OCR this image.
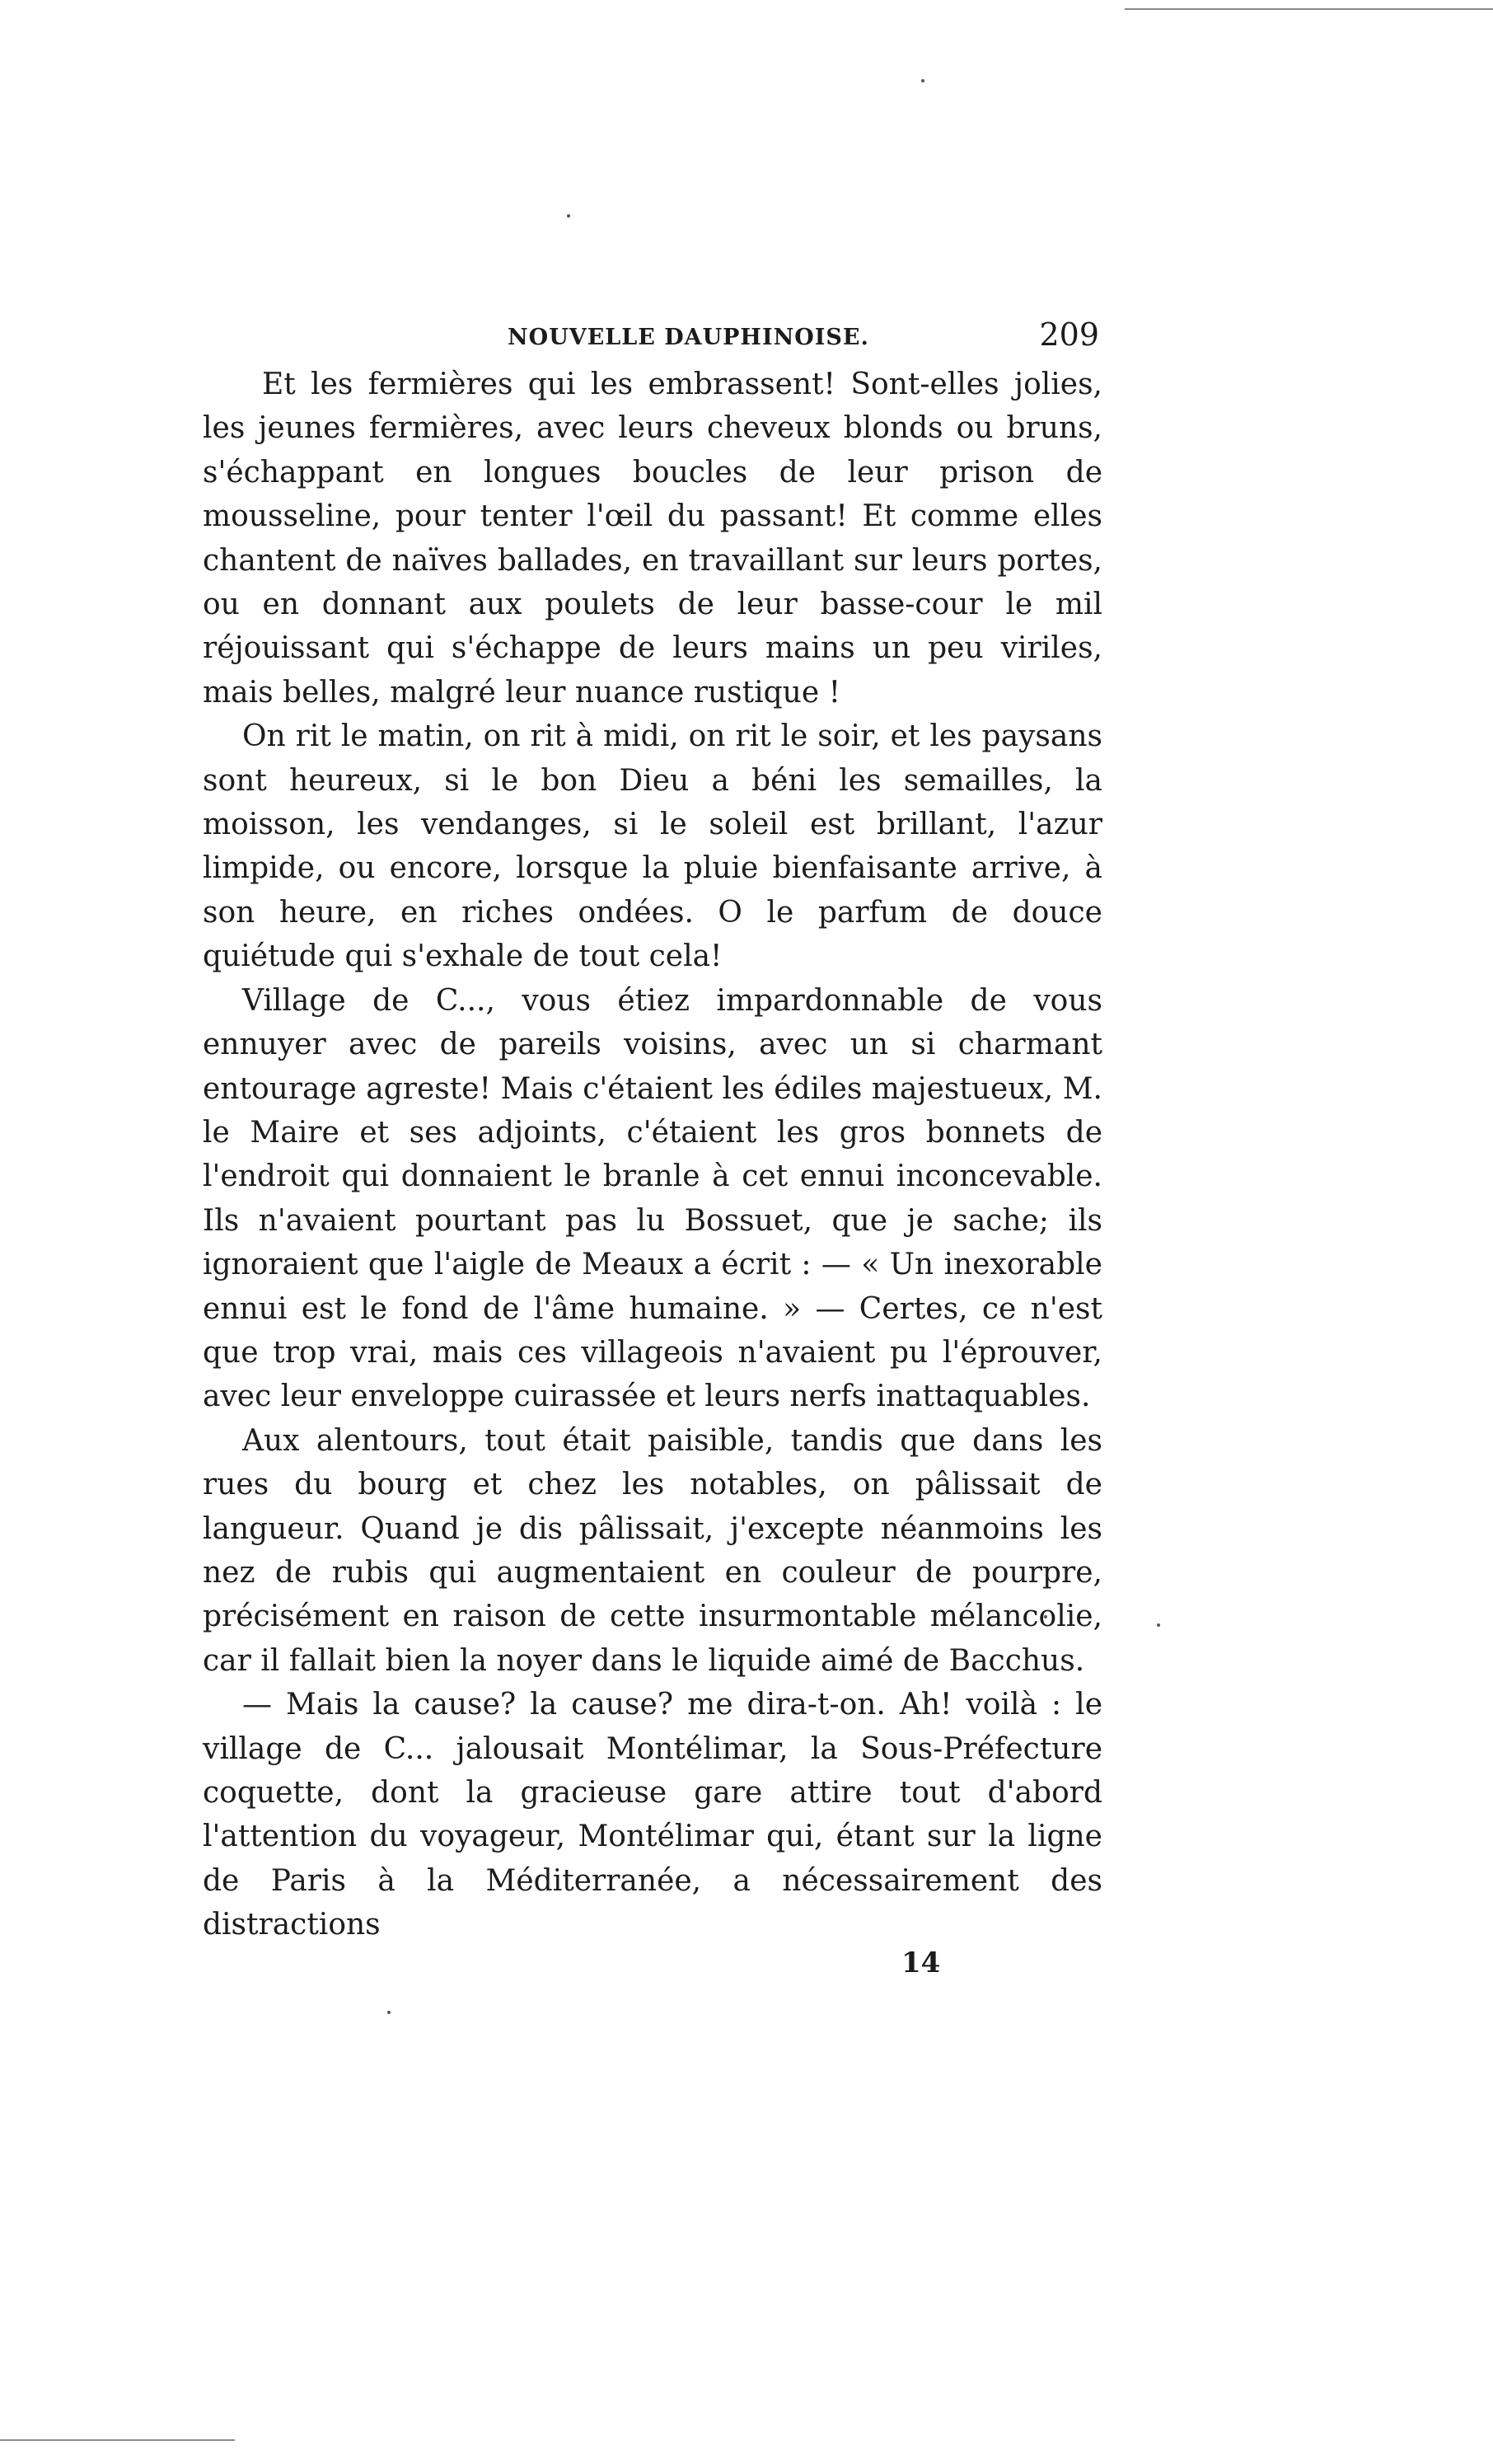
NOUVELLE DAUPHINOISE.	209

Et les fermières qui les embrassent! Sont-elles jolies, les jeunes fermières, avec leurs cheveux blonds ou bruns, s'échappant en longues boucles de leur prison de mousseline, pour tenter l'œil du passant! Et comme elles chantent de naïves ballades, en travaillant sur leurs portes, ou en donnant aux poulets de leur basse-cour le mil réjouissant qui s'échappe de leurs mains un peu viriles, mais belles, malgré leur nuance rustique !

On rit le matin, on rit à midi, on rit le soir, et les paysans sont heureux, si le bon Dieu a béni les semailles, la moisson, les vendanges, si le soleil est brillant, l'azur limpide, ou encore, lorsque la pluie bienfaisante arrive, à son heure, en riches ondées. O le parfum de douce quiétude qui s'exhale de tout cela!

Village de C..., vous étiez impardonnable de vous ennuyer avec de pareils voisins, avec un si charmant entourage agreste! Mais c'étaient les édiles majestueux, M. le Maire et ses adjoints, c'étaient les gros bonnets de l'endroit qui donnaient le branle à cet ennui inconcevable. Ils n'avaient pourtant pas lu Bossuet, que je sache; ils ignoraient que l'aigle de Meaux a écrit : — « Un inexorable ennui est le fond de l'âme humaine. » — Certes, ce n'est que trop vrai, mais ces villageois n'avaient pu l'éprouver, avec leur enveloppe cuirassée et leurs nerfs inattaquables.

Aux alentours, tout était paisible, tandis que dans les rues du bourg et chez les notables, on pâlissait de langueur. Quand je dis pâlissait, j'excepte néanmoins les nez de rubis qui augmentaient en couleur de pourpre, précisément en raison de cette insurmontable mélancolie, car il fallait bien la noyer dans le liquide aimé de Bacchus.

— Mais la cause? la cause? me dira-t-on. Ah! voilà : le village de C... jalousait Montélimar, la Sous-Préfecture coquette, dont la gracieuse gare attire tout d'abord l'attention du voyageur, Montélimar qui, étant sur la ligne de Paris à la Méditerranée, a nécessairement des distractions

14
